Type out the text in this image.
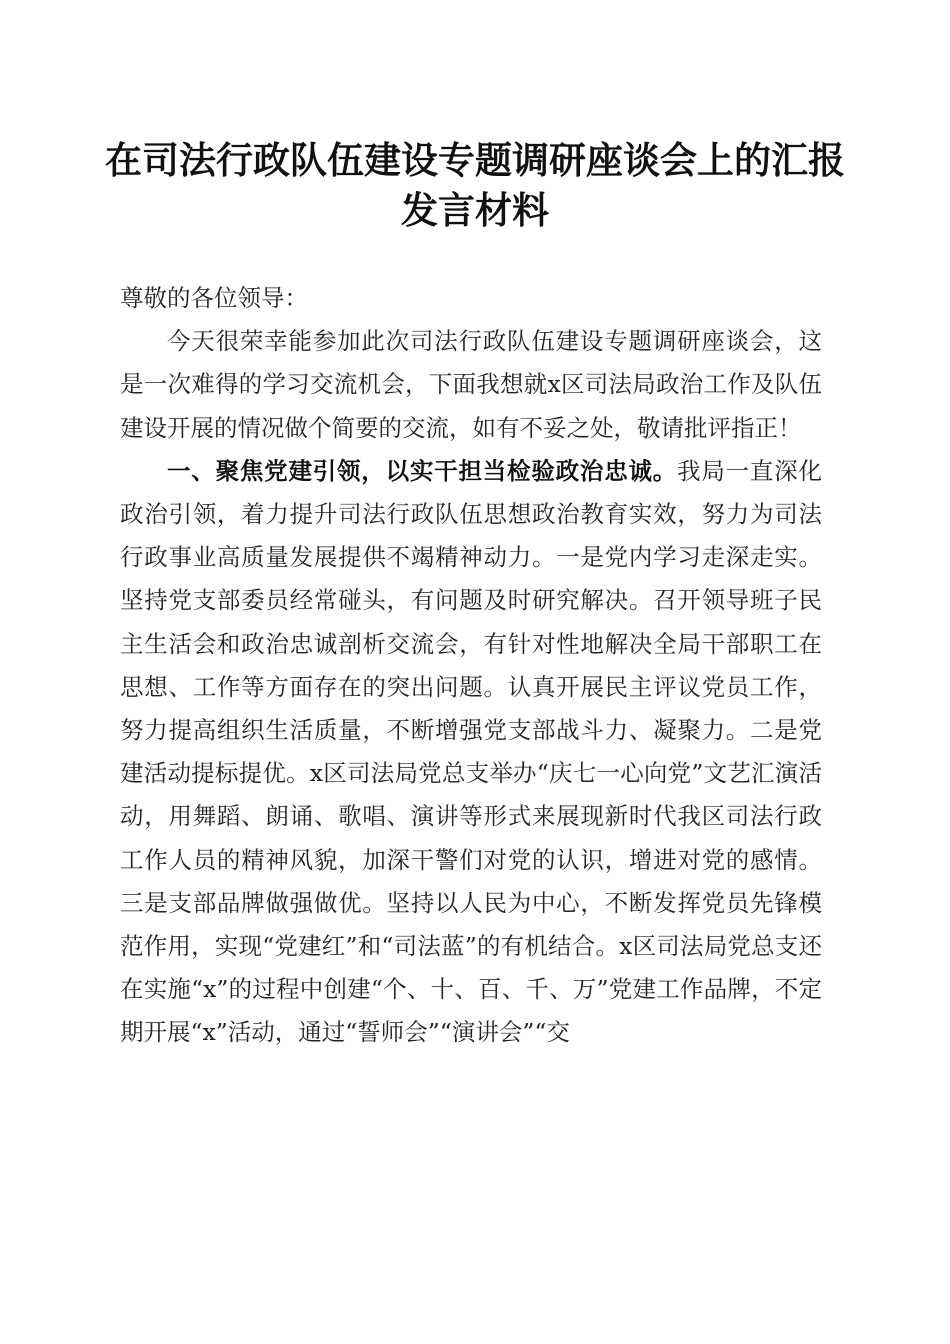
在司法行政队伍建设专题调研座谈会上的汇报
发言材料

尊敬的各位领导：

今天很荣幸能参加此次司法行政队伍建设专题调研座谈会，这是一次难得的学习交流机会，下面我想就x区司法局政治工作及队伍建设开展的情况做个简要的交流，如有不妥之处，敬请批评指正！

一、聚焦党建引领，以实干担当检验政治忠诚。我局一直深化政治引领，着力提升司法行政队伍思想政治教育实效，努力为司法行政事业高质量发展提供不竭精神动力。一是党内学习走深走实。坚持党支部委员经常碰头，有问题及时研究解决。召开领导班子民主生活会和政治忠诚剖析交流会，有针对性地解决全局干部职工在思想、工作等方面存在的突出问题。认真开展民主评议党员工作，努力提高组织生活质量，不断增强党支部战斗力、凝聚力。二是党建活动提标提优。x区司法局党总支举办“庆七一心向党”文艺汇演活动，用舞蹈、朗诵、歌唱、演讲等形式来展现新时代我区司法行政工作人员的精神风貌，加深干警们对党的认识，增进对党的感情。三是支部品牌做强做优。坚持以人民为中心，不断发挥党员先锋模范作用，实现“党建红”和“司法蓝”的有机结合。x区司法局党总支还在实施“x”的过程中创建“个、十、百、千、万”党建工作品牌，不定期开展“x”活动，通过“誓师会”“演讲会”“交
